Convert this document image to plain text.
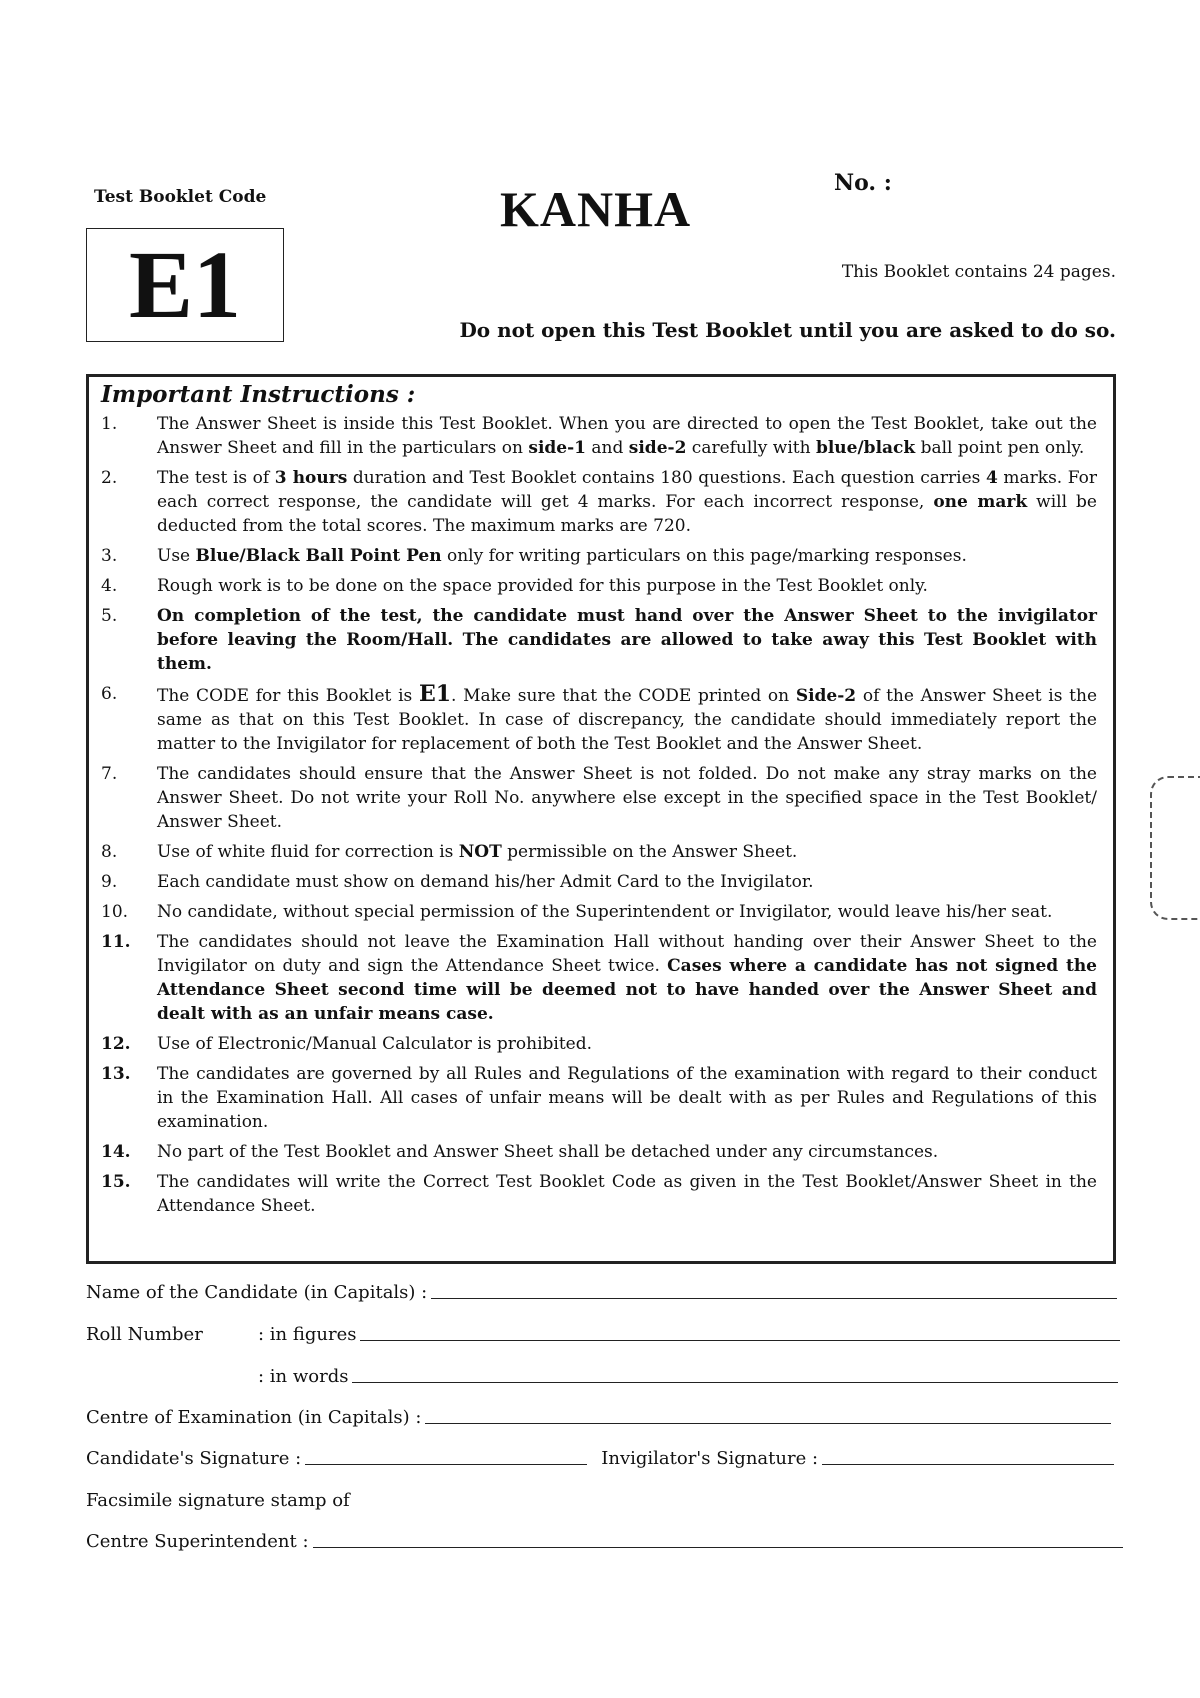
Test Booklet Code
E1
KANHA	No. :
This Booklet contains 24 pages.
Do not open this Test Booklet until you are asked to do so.
Important Instructions :
1.	The Answer Sheet is inside this Test Booklet. When you are directed to open the Test Booklet, take out the Answer Sheet and fill in the particulars on side-1 and side-2 carefully with blue/black ball point pen only.
2.	The test is of 3 hours duration and Test Booklet contains 180 questions. Each question carries 4 marks. For each correct response, the candidate will get 4 marks. For each incorrect response, one mark will be deducted from the total scores. The maximum marks are 720.
3.	Use Blue/Black Ball Point Pen only for writing particulars on this page/marking responses.
4.	Rough work is to be done on the space provided for this purpose in the Test Booklet only.
5.	On completion of the test, the candidate must hand over the Answer Sheet to the invigilator before leaving the Room/Hall. The candidates are allowed to take away this Test Booklet with them.
6.	The CODE for this Booklet is E1. Make sure that the CODE printed on Side-2 of the Answer Sheet is the same as that on this Test Booklet. In case of discrepancy, the candidate should immediately report the matter to the Invigilator for replacement of both the Test Booklet and the Answer Sheet.
7.	The candidates should ensure that the Answer Sheet is not folded. Do not make any stray marks on the Answer Sheet. Do not write your Roll No. anywhere else except in the specified space in the Test Booklet/ Answer Sheet.
8.	Use of white fluid for correction is NOT permissible on the Answer Sheet.
9.	Each candidate must show on demand his/her Admit Card to the Invigilator.
10.	No candidate, without special permission of the Superintendent or Invigilator, would leave his/her seat.
11.	The candidates should not leave the Examination Hall without handing over their Answer Sheet to the Invigilator on duty and sign the Attendance Sheet twice. Cases where a candidate has not signed the Attendance Sheet second time will be deemed not to have handed over the Answer Sheet and dealt with as an unfair means case.
12.	Use of Electronic/Manual Calculator is prohibited.
13.	The candidates are governed by all Rules and Regulations of the examination with regard to their conduct in the Examination Hall. All cases of unfair means will be dealt with as per Rules and Regulations of this examination.
14.	No part of the Test Booklet and Answer Sheet shall be detached under any circumstances.
15.	The candidates will write the Correct Test Booklet Code as given in the Test Booklet/Answer Sheet in the Attendance Sheet.
Name of the Candidate (in Capitals) :
Roll Number	: in figures
: in words
Centre of Examination (in Capitals) :
Candidate's Signature :	Invigilator's Signature :
Facsimile signature stamp of
Centre Superintendent :
